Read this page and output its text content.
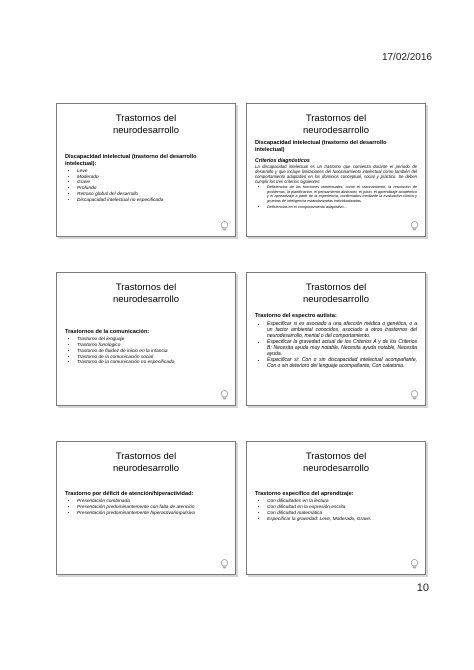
17/02/2016
Trastornos del
neurodesarrollo
Discapacidad intelectual (trastorno del desarrollo intelectual):
• Leve
• Moderado
• Grave
• Profundo
• Retraso global del desarrollo
• Discapacidad intelectual no especificada
Trastornos del
neurodesarrollo
Discapacidad intelectual (trastorno del desarrollo intelectual)
Criterios diagnósticos
La discapacidad intelectual es un trastorno que comienza durante el período de desarrollo y que incluye limitaciones del funcionamiento intelectual como también del comportamiento adaptativo en los dominios conceptual, social y práctico. Se deben cumplir los tres criterios siguientes:
• Deficiencias de las funciones intelectuales, como el razonamiento, la resolución de problemas, la planificación, el pensamiento abstracto, el juicio, el aprendizaje académico y el aprendizaje a partir de la experiencia, confirmados mediante la evaluación clínica y pruebas de inteligencia estandarizadas individualizadas.
• Deficiencias en el comportamiento adaptativo…
Trastornos del
neurodesarrollo
Trastornos de la comunicación:
• Trastorno del lenguaje
• Trastorno fonológico
• Trastorno de fluidez de inicio en la infancia
• Trastorno de la comunicación social
• Trastorno de la comunicación no especificado
Trastornos del
neurodesarrollo
Trastorno del espectro autista:
• Especificar si es asociado a una afección médica o genética, o a un factor ambiental conocidos, asociado a otros trastornos del neurodesarrollo, mental o del comportamiento.
• Especificar la gravedad actual de los Criterios A y de los Criterios B: Necesita ayuda muy notable, Necesita ayuda notable, Necesita ayuda.
• Especificar si: Con o sin discapacidad intelectual acompañante, Con o sin deterioro del lenguaje acompañante, Con catatonia.
Trastornos del
neurodesarrollo
Trastorno por déficit de atención/hiperactividad:
• Presentación combinada
• Presentación predominantemente con falta de atención
• Presentación predominantemente hiperactiva/impulsiva
Trastornos del
neurodesarrollo
Trastorno específico del aprendizaje:
• Con dificultades en la lectura
• Con dificultad en la expresión escrita
• Con dificultad matemática
• Especificar la gravedad: Leve, Moderado, Grave.
10
